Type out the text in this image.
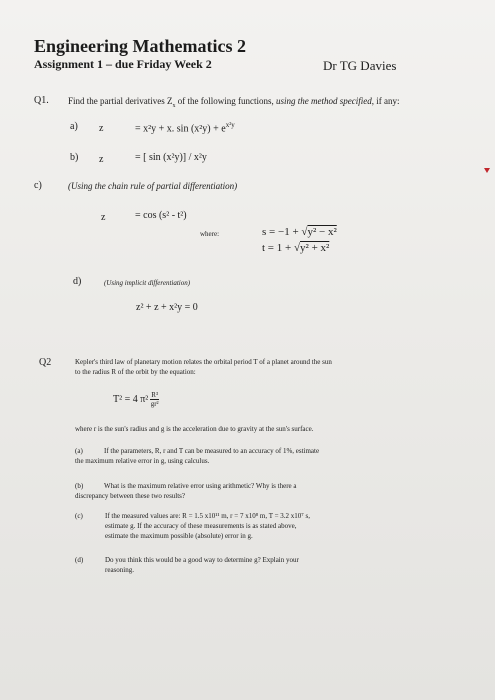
Engineering Mathematics 2
Assignment 1 – due Friday Week 2	Dr TG Davies
Q1. Find the partial derivatives $Z_x$ of the following functions, using the method specified, if any:
a) z	= x²y + x. $\sin (x^2y) + e^{x^2y}$
b) z	= [ sin (x²y)] / x²y
c)	(Using the chain rule of partial differentiation)
z	= cos (s² - t²)
where:	s = −1 + √y² − x²
t = 1 + √y² + x²
d)	(Using implicit differentiation)
z² + z + x²y = 0
Q2	Kepler's third law of planetary motion relates the orbital period T of a planet around the sun
to the radius R of the orbit by the equation:
T² = 4 $\pi^2 \frac{\text{R³}}{\text{gr²}}$
where r is the sun's radius and g is the acceleration due to gravity at the sun's surface.
(a)	If the parameters, R, r and T can be measured to an accuracy of 1%, estimate
the maximum relative error in g, using calculus.
(b)	What is the maximum relative error using arithmetic? Why is there a
discrepancy between these two results?
(c)	If the measured values are: R = 1.5 x10¹¹ m, r = 7 x10⁸ m, T = 3.2 x10⁷ s,
estimate g. If the accuracy of these measurements is as stated above,
estimate the maximum possible (absolute) error in g.
(d)	Do you think this would be a good way to determine g? Explain your
reasoning.
